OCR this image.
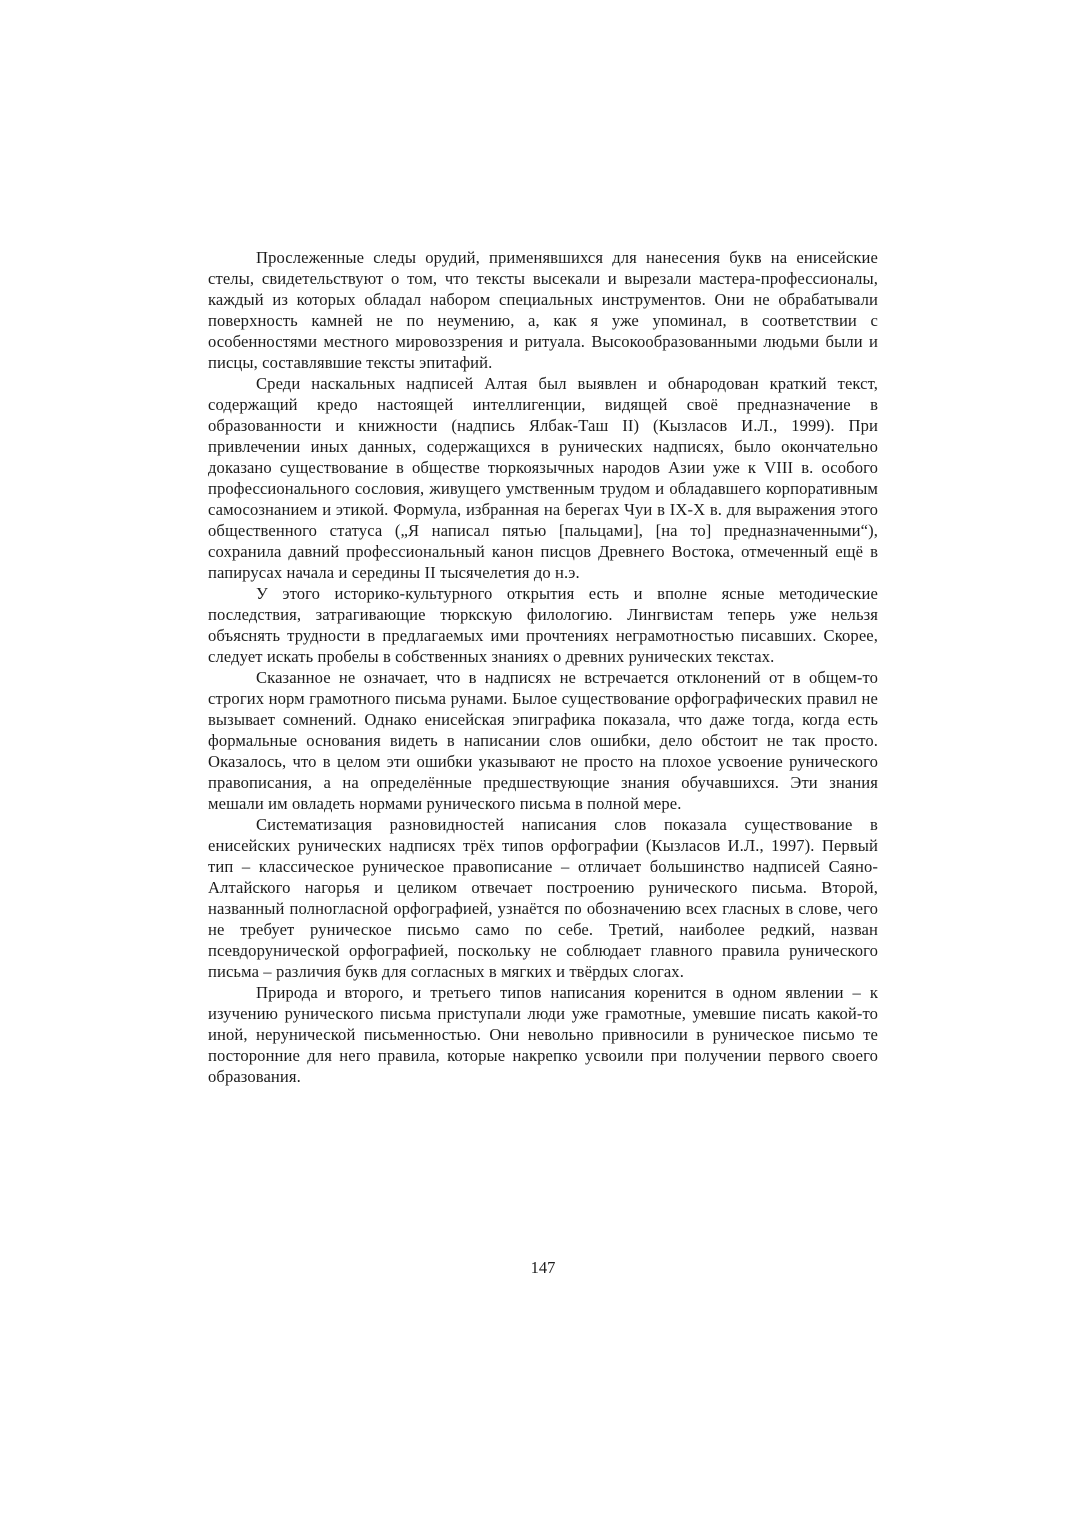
Прослеженные следы орудий, применявшихся для нанесения букв на енисейские стелы, свидетельствуют о том, что тексты высекали и вырезали мастера-профессионалы, каждый из которых обладал набором специальных инструментов. Они не обрабатывали поверхность камней не по неумению, а, как я уже упоминал, в соответствии с особенностями местного мировоззрения и ритуала. Высокообразованными людьми были и писцы, составлявшие тексты эпитафий.

Среди наскальных надписей Алтая был выявлен и обнародован краткий текст, содержащий кредо настоящей интеллигенции, видящей своё предназначение в образованности и книжности (надпись Ялбак-Таш II) (Кызласов И.Л., 1999). При привлечении иных данных, содержащихся в рунических надписях, было окончательно доказано существование в обществе тюркоязычных народов Азии уже к VIII в. особого профессионального сословия, живущего умственным трудом и обладавшего корпоративным самосознанием и этикой. Формула, избранная на берегах Чуи в IX-X в. для выражения этого общественного статуса („Я написал пятью [пальцами], [на то] предназначенными“), сохранила давний профессиональный канон писцов Древнего Востока, отмеченный ещё в папирусах начала и середины II тысячелетия до н.э.

У этого историко-культурного открытия есть и вполне ясные методические последствия, затрагивающие тюркскую филологию. Лингвистам теперь уже нельзя объяснять трудности в предлагаемых ими прочтениях неграмотностью писавших. Скорее, следует искать пробелы в собственных знаниях о древних рунических текстах.

Сказанное не означает, что в надписях не встречается отклонений от в общем-то строгих норм грамотного письма рунами. Былое существование орфографических правил не вызывает сомнений. Однако енисейская эпиграфика показала, что даже тогда, когда есть формальные основания видеть в написании слов ошибки, дело обстоит не так просто. Оказалось, что в целом эти ошибки указывают не просто на плохое усвоение рунического правописания, а на определённые предшествующие знания обучавшихся. Эти знания мешали им овладеть нормами рунического письма в полной мере.

Систематизация разновидностей написания слов показала существование в енисейских рунических надписях трёх типов орфографии (Кызласов И.Л., 1997). Первый тип – классическое руническое правописание – отличает большинство надписей Саяно-Алтайского нагорья и целиком отвечает построению рунического письма. Второй, названный полногласной орфографией, узнаётся по обозначению всех гласных в слове, чего не требует руническое письмо само по себе. Третий, наиболее редкий, назван псевдорунической орфографией, поскольку не соблюдает главного правила рунического письма – различия букв для согласных в мягких и твёрдых слогах.

Природа и второго, и третьего типов написания коренится в одном явлении – к изучению рунического письма приступали люди уже грамотные, умевшие писать какой-то иной, нерунической письменностью. Они невольно привносили в руническое письмо те посторонние для него правила, которые накрепко усвоили при получении первого своего образования.

147
